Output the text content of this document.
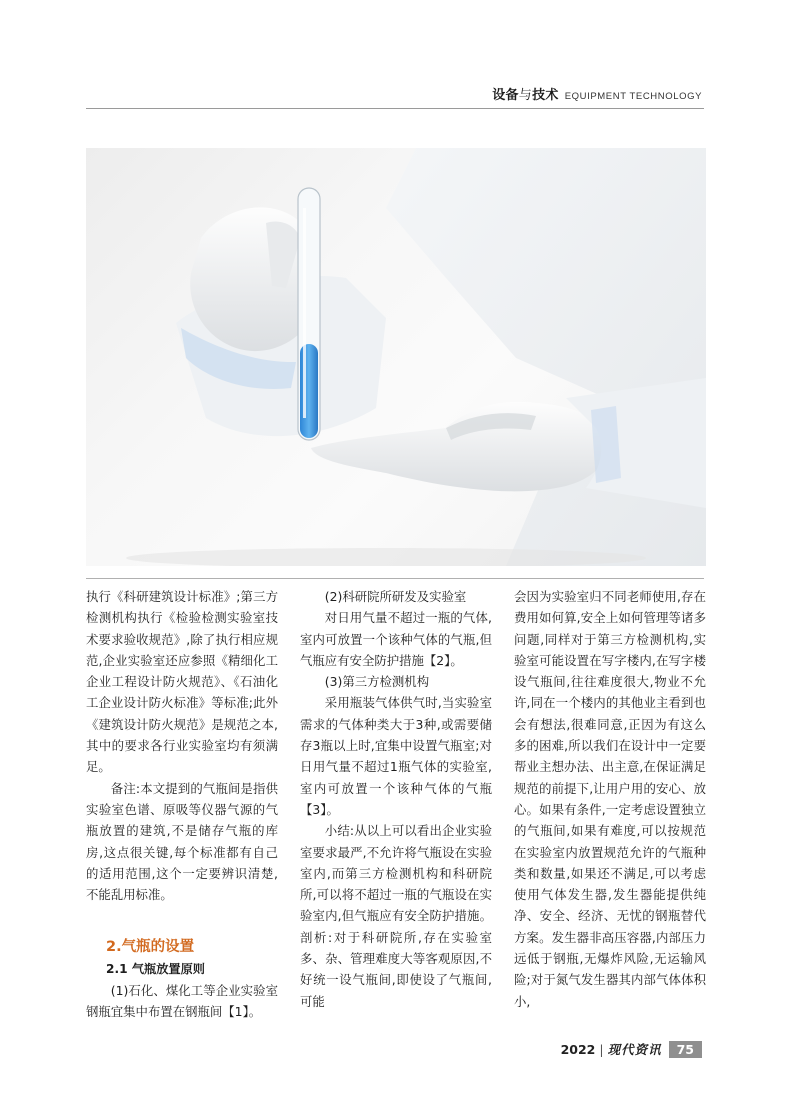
设备与技术 EQUIPMENT TECHNOLOGY

执行《科研建筑设计标准》;第三方检测机构执行《检验检测实验室技术要求验收规范》,除了执行相应规范,企业实验室还应参照《精细化工企业工程设计防火规范》、《石油化工企业设计防火标准》等标准;此外《建筑设计防火规范》是规范之本,其中的要求各行业实验室均有须满足。

备注:本文提到的气瓶间是指供实验室色谱、原吸等仪器气源的气瓶放置的建筑,不是储存气瓶的库房,这点很关键,每个标准都有自己的适用范围,这个一定要辨识清楚,不能乱用标准。

2.气瓶的设置

2.1 气瓶放置原则

(1)石化、煤化工等企业实验室钢瓶宜集中布置在钢瓶间【1】。

(2)科研院所研发及实验室

对日用气量不超过一瓶的气体,室内可放置一个该种气体的气瓶,但气瓶应有安全防护措施【2】。

(3)第三方检测机构

采用瓶装气体供气时,当实验室需求的气体种类大于3种,或需要储存3瓶以上时,宜集中设置气瓶室;对日用气量不超过1瓶气体的实验室,室内可放置一个该种气体的气瓶【3】。

小结:从以上可以看出企业实验室要求最严,不允许将气瓶设在实验室内,而第三方检测机构和科研院所,可以将不超过一瓶的气瓶设在实验室内,但气瓶应有安全防护措施。剖析:对于科研院所,存在实验室多、杂、管理难度大等客观原因,不好统一设气瓶间,即使设了气瓶间,可能

会因为实验室归不同老师使用,存在费用如何算,安全上如何管理等诸多问题,同样对于第三方检测机构,实验室可能设置在写字楼内,在写字楼设气瓶间,往往难度很大,物业不允许,同在一个楼内的其他业主看到也会有想法,很难同意,正因为有这么多的困难,所以我们在设计中一定要帮业主想办法、出主意,在保证满足规范的前提下,让用户用的安心、放心。如果有条件,一定考虑设置独立的气瓶间,如果有难度,可以按规范在实验室内放置规范允许的气瓶种类和数量,如果还不满足,可以考虑使用气体发生器,发生器能提供纯净、安全、经济、无忧的钢瓶替代方案。发生器非高压容器,内部压力远低于钢瓶,无爆炸风险,无运输风险;对于氮气发生器其内部气体体积小,

2022 | 现代资讯	75
